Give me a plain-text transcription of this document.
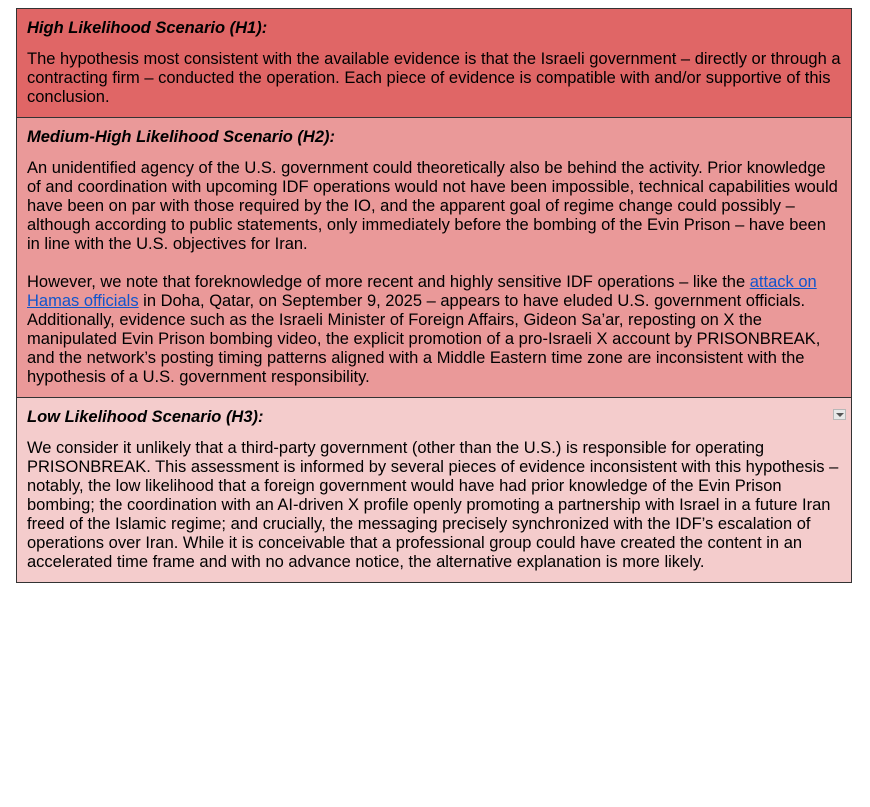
High Likelihood Scenario (H1):

The hypothesis most consistent with the available evidence is that the Israeli government – directly or through a contracting firm – conducted the operation. Each piece of evidence is compatible with and/or supportive of this conclusion.

Medium-High Likelihood Scenario (H2):

An unidentified agency of the U.S. government could theoretically also be behind the activity. Prior knowledge of and coordination with upcoming IDF operations would not have been impossible, technical capabilities would have been on par with those required by the IO, and the apparent goal of regime change could possibly – although according to public statements, only immediately before the bombing of the Evin Prison – have been in line with the U.S. objectives for Iran.

However, we note that foreknowledge of more recent and highly sensitive IDF operations – like the attack on Hamas officials in Doha, Qatar, on September 9, 2025 – appears to have eluded U.S. government officials. Additionally, evidence such as the Israeli Minister of Foreign Affairs, Gideon Sa’ar, reposting on X the manipulated Evin Prison bombing video, the explicit promotion of a pro-Israeli X account by PRISONBREAK, and the network’s posting timing patterns aligned with a Middle Eastern time zone are inconsistent with the hypothesis of a U.S. government responsibility.

Low Likelihood Scenario (H3):

We consider it unlikely that a third-party government (other than the U.S.) is responsible for operating PRISONBREAK. This assessment is informed by several pieces of evidence inconsistent with this hypothesis – notably, the low likelihood that a foreign government would have had prior knowledge of the Evin Prison bombing; the coordination with an AI-driven X profile openly promoting a partnership with Israel in a future Iran freed of the Islamic regime; and crucially, the messaging precisely synchronized with the IDF’s escalation of operations over Iran. While it is conceivable that a professional group could have created the content in an accelerated time frame and with no advance notice, the alternative explanation is more likely.
